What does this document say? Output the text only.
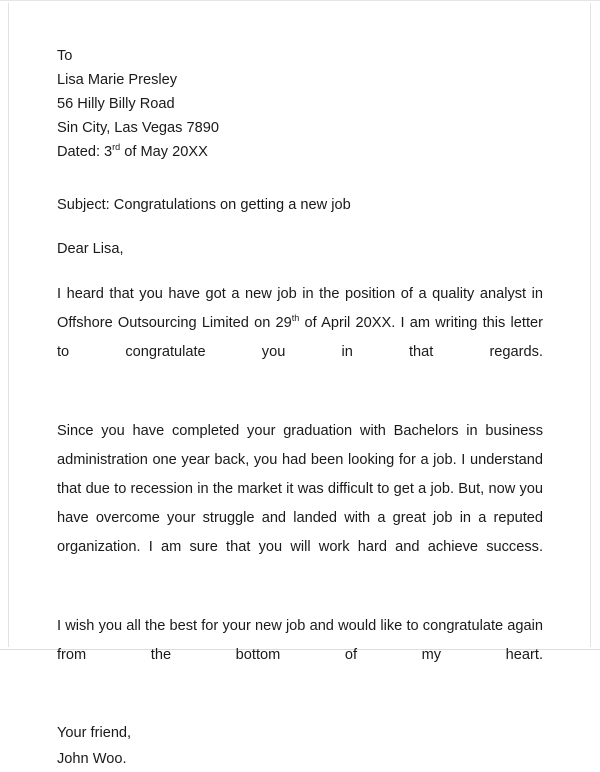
To

Lisa Marie Presley

56 Hilly Billy Road

Sin City, Las Vegas 7890

Dated: 3rd of May 20XX

Subject: Congratulations on getting a new job

Dear Lisa,

I heard that you have got a new job in the position of a quality analyst in Offshore Outsourcing Limited on 29th of April 20XX. I am writing this letter to congratulate you in that regards.

Since you have completed your graduation with Bachelors in business administration one year back, you had been looking for a job. I understand that due to recession in the market it was difficult to get a job. But, now you have overcome your struggle and landed with a great job in a reputed organization. I am sure that you will work hard and achieve success.

I wish you all the best for your new job and would like to congratulate again from the bottom of my heart.

Your friend,

John Woo.
